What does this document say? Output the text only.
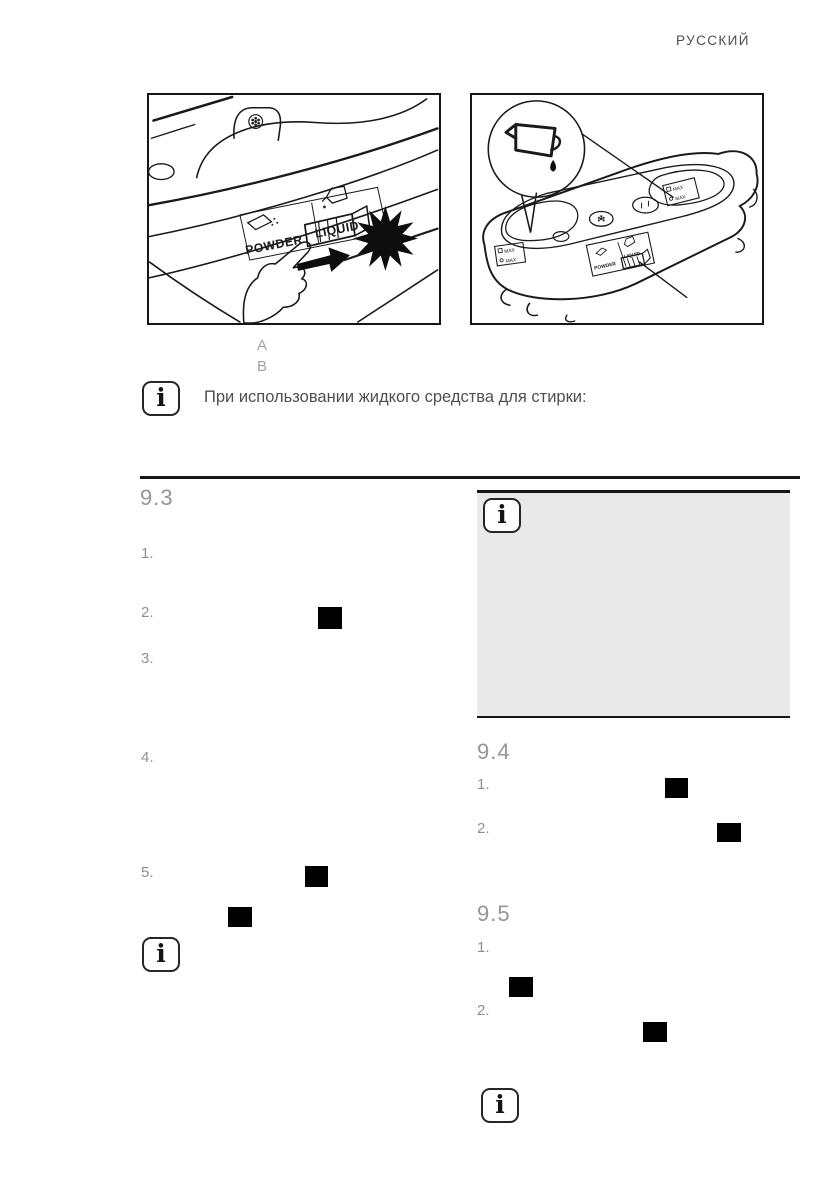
РУССКИЙ
POWDER
LIQUID
MAX
MAX
MAX
MAX
POWDER
LIQUID
A
B
i При использовании жидкого средства для стирки:
9.3
1.
2.
3.
4.
5.
i
9.4
1.
2.
9.5
1.
2.
i
i
